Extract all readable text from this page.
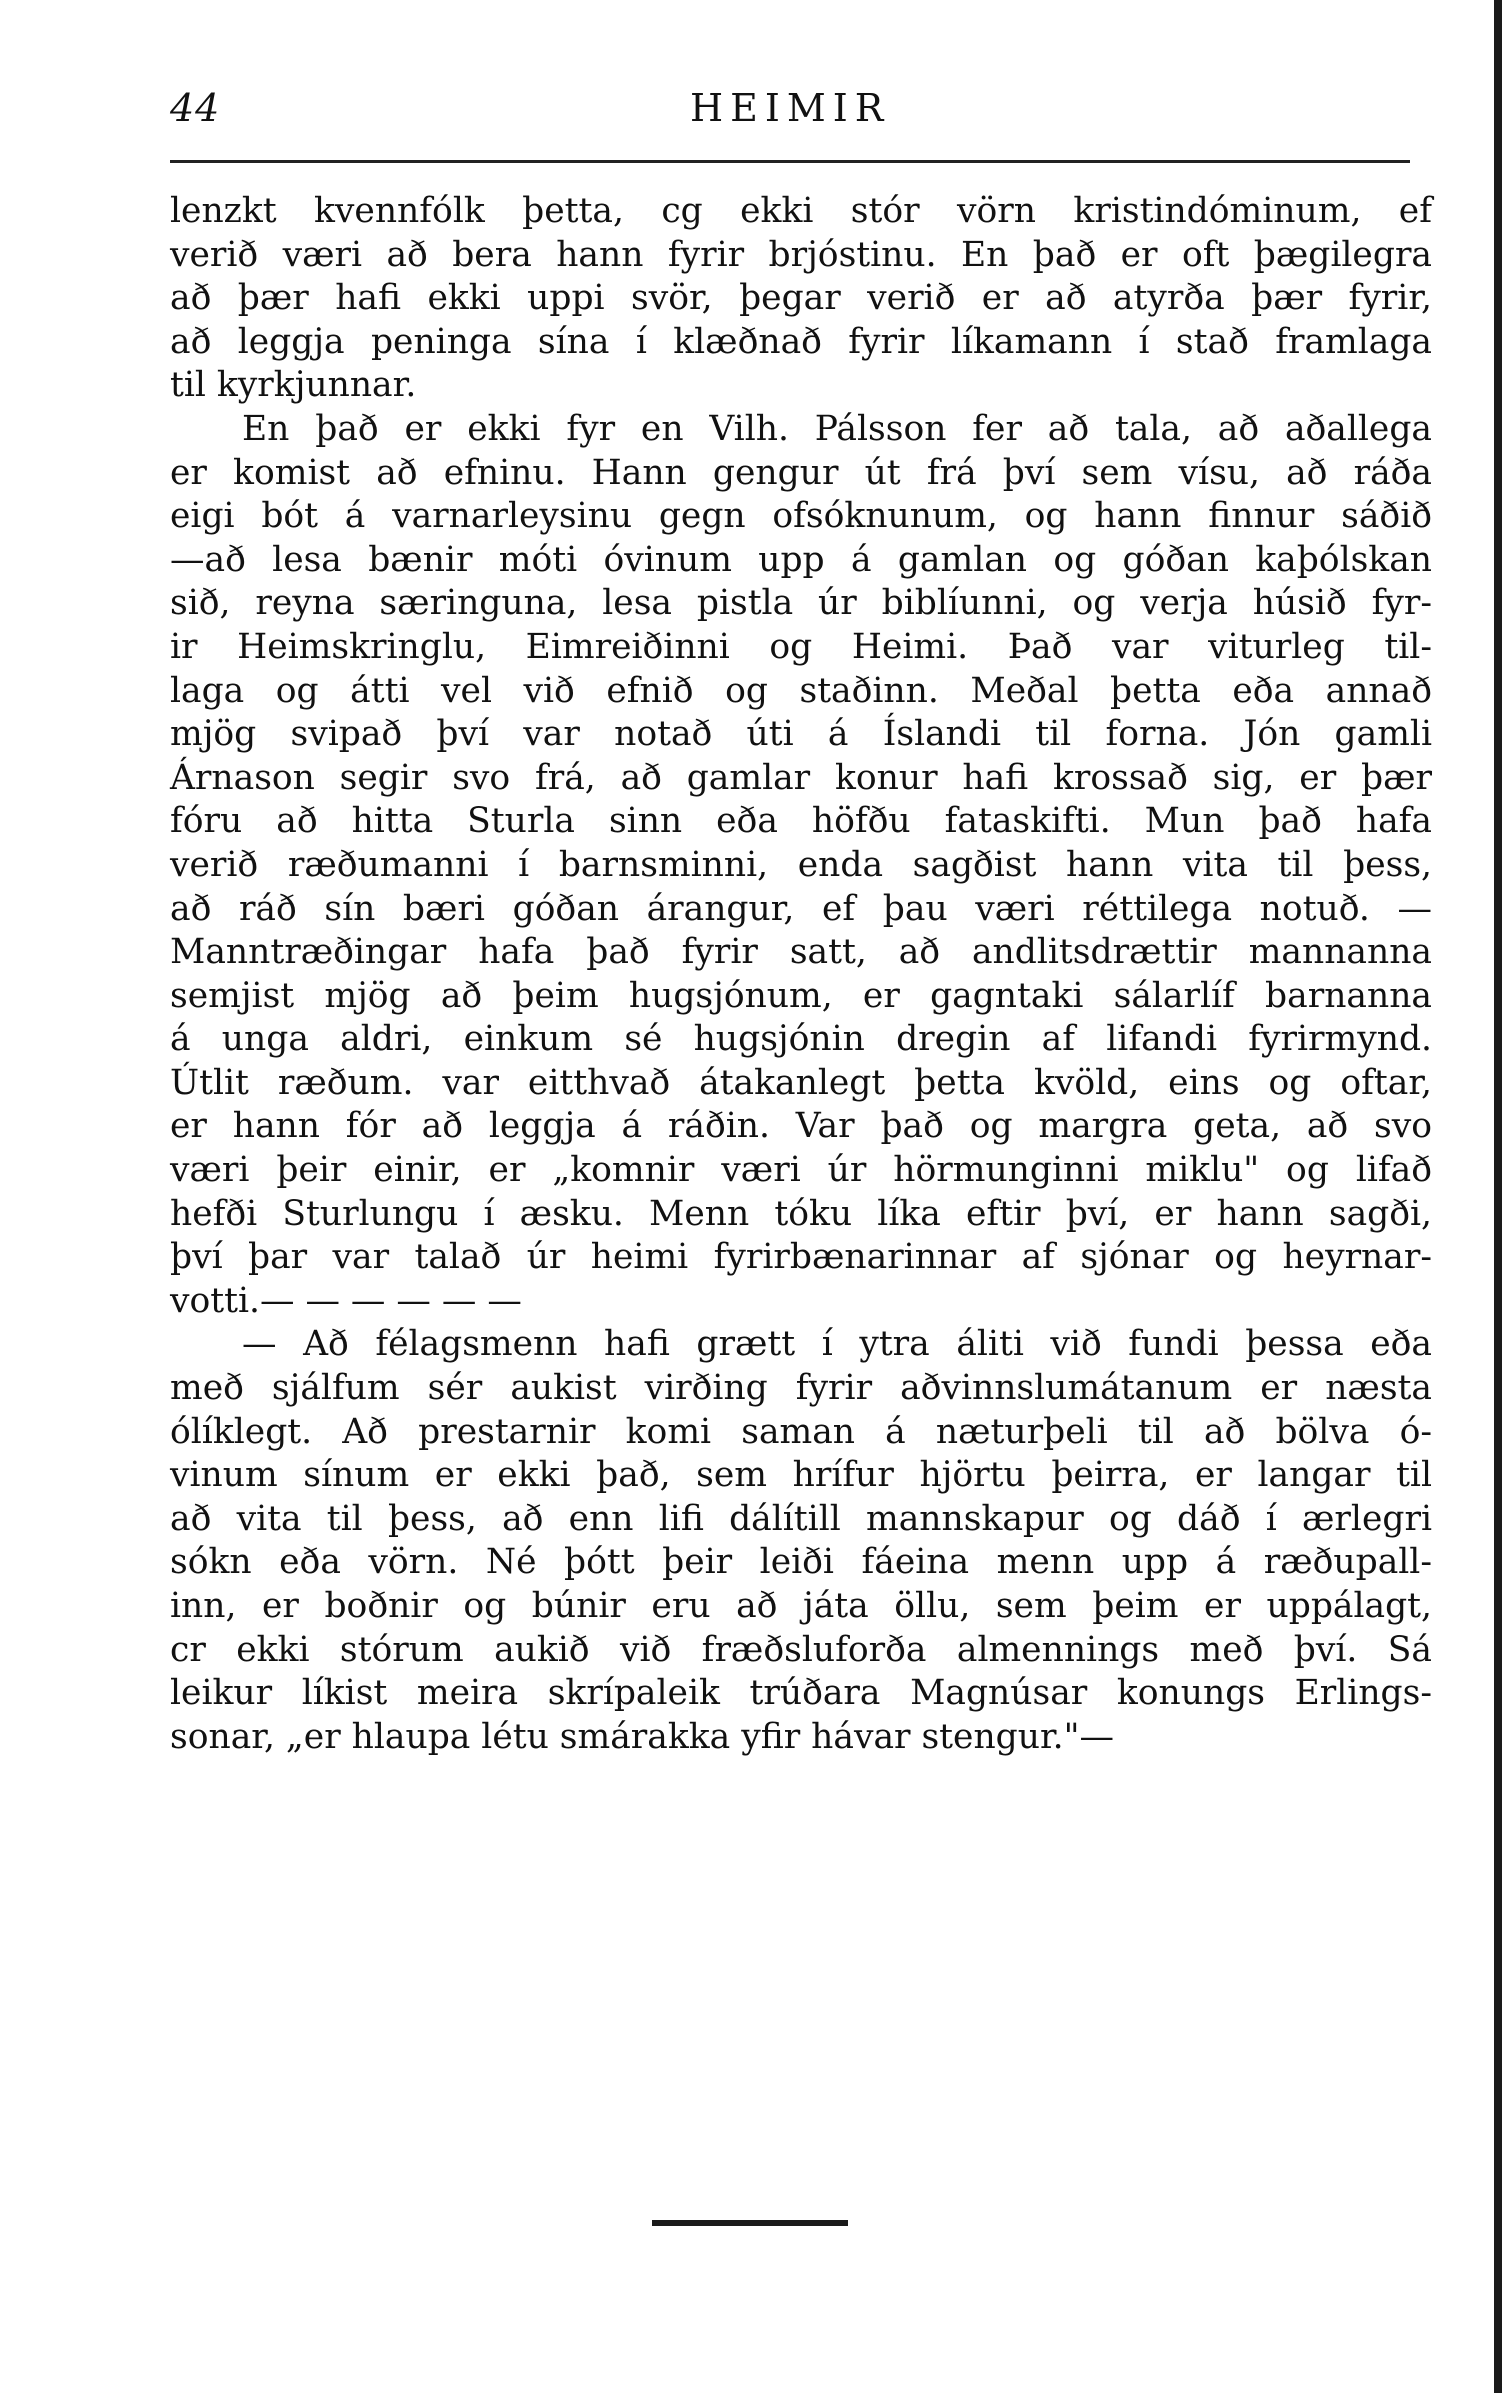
44	HEIMIR
lenzkt kvennfólk þetta, cg ekki stór vörn kristindóminum, ef
verið væri að bera hann fyrir brjóstinu. En það er oft þægilegra
að þær hafi ekki uppi svör, þegar verið er að atyrða þær fyrir,
að leggja peninga sína í klæðnað fyrir líkamann í stað framlaga
til kyrkjunnar.
En það er ekki fyr en Vilh. Pálsson fer að tala, að aðallega
er komist að efninu. Hann gengur út frá því sem vísu, að ráða
eigi bót á varnarleysinu gegn ofsóknunum, og hann finnur sáðið
—að lesa bænir móti óvinum upp á gamlan og góðan kaþólskan
sið, reyna særinguna, lesa pistla úr biblíunni, og verja húsið fyr-
ir Heimskringlu, Eimreiðinni og Heimi. Það var viturleg til-
laga og átti vel við efnið og staðinn. Meðal þetta eða annað
mjög svipað því var notað úti á Íslandi til forna. Jón gamli
Árnason segir svo frá, að gamlar konur hafi krossað sig, er þær
fóru að hitta Sturla sinn eða höfðu fataskifti. Mun það hafa
verið ræðumanni í barnsminni, enda sagðist hann vita til þess,
að ráð sín bæri góðan árangur, ef þau væri réttilega notuð. —
Manntræðingar hafa það fyrir satt, að andlitsdrættir mannanna
semjist mjög að þeim hugsjónum, er gagntaki sálarlíf barnanna
á unga aldri, einkum sé hugsjónin dregin af lifandi fyrirmynd.
Útlit ræðum. var eitthvað átakanlegt þetta kvöld, eins og oftar,
er hann fór að leggja á ráðin. Var það og margra geta, að svo
væri þeir einir, er „komnir væri úr hörmunginni miklu" og lifað
hefði Sturlungu í æsku. Menn tóku líka eftir því, er hann sagði,
því þar var talað úr heimi fyrirbænarinnar af sjónar og heyrnar-
votti.— — — — — —
— Að félagsmenn hafi grætt í ytra áliti við fundi þessa eða
með sjálfum sér aukist virðing fyrir aðvinnslumátanum er næsta
ólíklegt. Að prestarnir komi saman á næturþeli til að bölva ó-
vinum sínum er ekki það, sem hrífur hjörtu þeirra, er langar til
að vita til þess, að enn lifi dálítill mannskapur og dáð í ærlegri
sókn eða vörn. Né þótt þeir leiði fáeina menn upp á ræðupall-
inn, er boðnir og búnir eru að játa öllu, sem þeim er uppálagt,
cr ekki stórum aukið við fræðsluforða almennings með því. Sá
leikur líkist meira skrípaleik trúðara Magnúsar konungs Erlings-
sonar, „er hlaupa létu smárakka yfir hávar stengur."—
